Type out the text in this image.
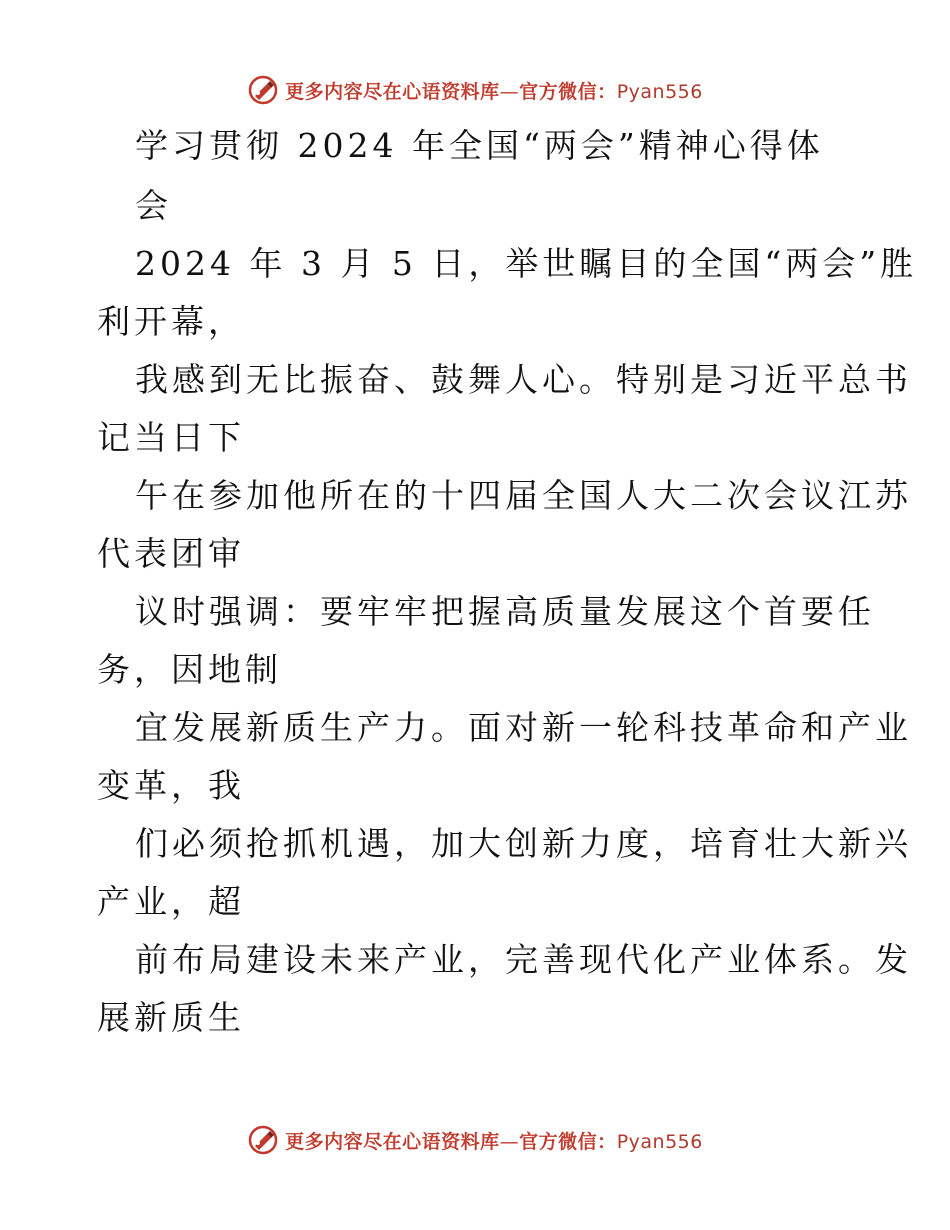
更多内容尽在心语资料库—官方微信：Pyan556
学习贯彻 2024 年全国“两会”精神心得体
会
2024 年 3 月 5 日，举世瞩目的全国“两会”胜
利开幕，
我感到无比振奋、鼓舞人心。特别是习近平总书
记当日下
午在参加他所在的十四届全国人大二次会议江苏
代表团审
议时强调：要牢牢把握高质量发展这个首要任
务，因地制
宜发展新质生产力。面对新一轮科技革命和产业
变革，我
们必须抢抓机遇，加大创新力度，培育壮大新兴
产业，超
前布局建设未来产业，完善现代化产业体系。发
展新质生
更多内容尽在心语资料库—官方微信：Pyan556
